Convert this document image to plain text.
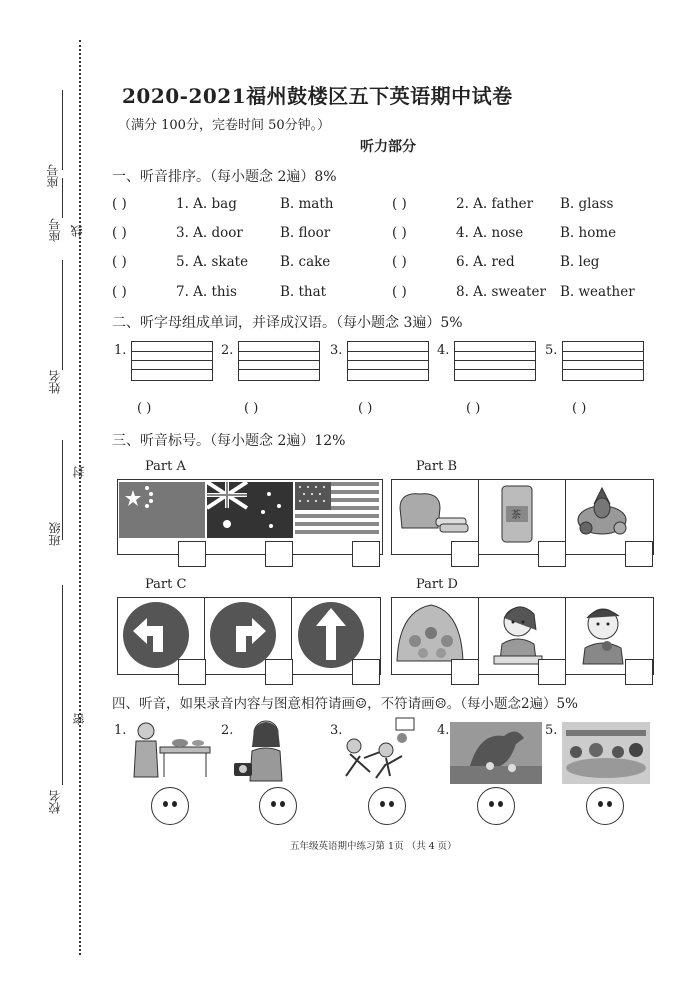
座号
座号 线
姓名
封
班级
密
校名
2020-2021福州鼓楼区五下英语期中试卷
（满分 100分，完卷时间 50分钟。）
听力部分
一、听音排序。（每小题念 2遍）8%
( )	1. A. bag	B. math	( )	2. A. father B. glass
( )	3. A. door	B. floor	( )	4. A. nose	B. home
( )	5. A. skate B. cake	( )	6. A. red	B. leg
( )	7. A. this	B. that	( )	8. A. sweater B. weather
二、听字母组成单词，并译成汉语。（每小题念 3遍）5%
1.	2.	3.	4.	5.
( )	( )	( )	( )	( )
三、听音标号。（每小题念 2遍）12%
Part A	Part B
茶
Part C	Part D
四、听音，如果录音内容与图意相符请画☺，不符请画☹。（每小题念2遍）5%
1.	2.	3.	4.	5.
五年级英语期中练习第 1页 （共 4 页）
